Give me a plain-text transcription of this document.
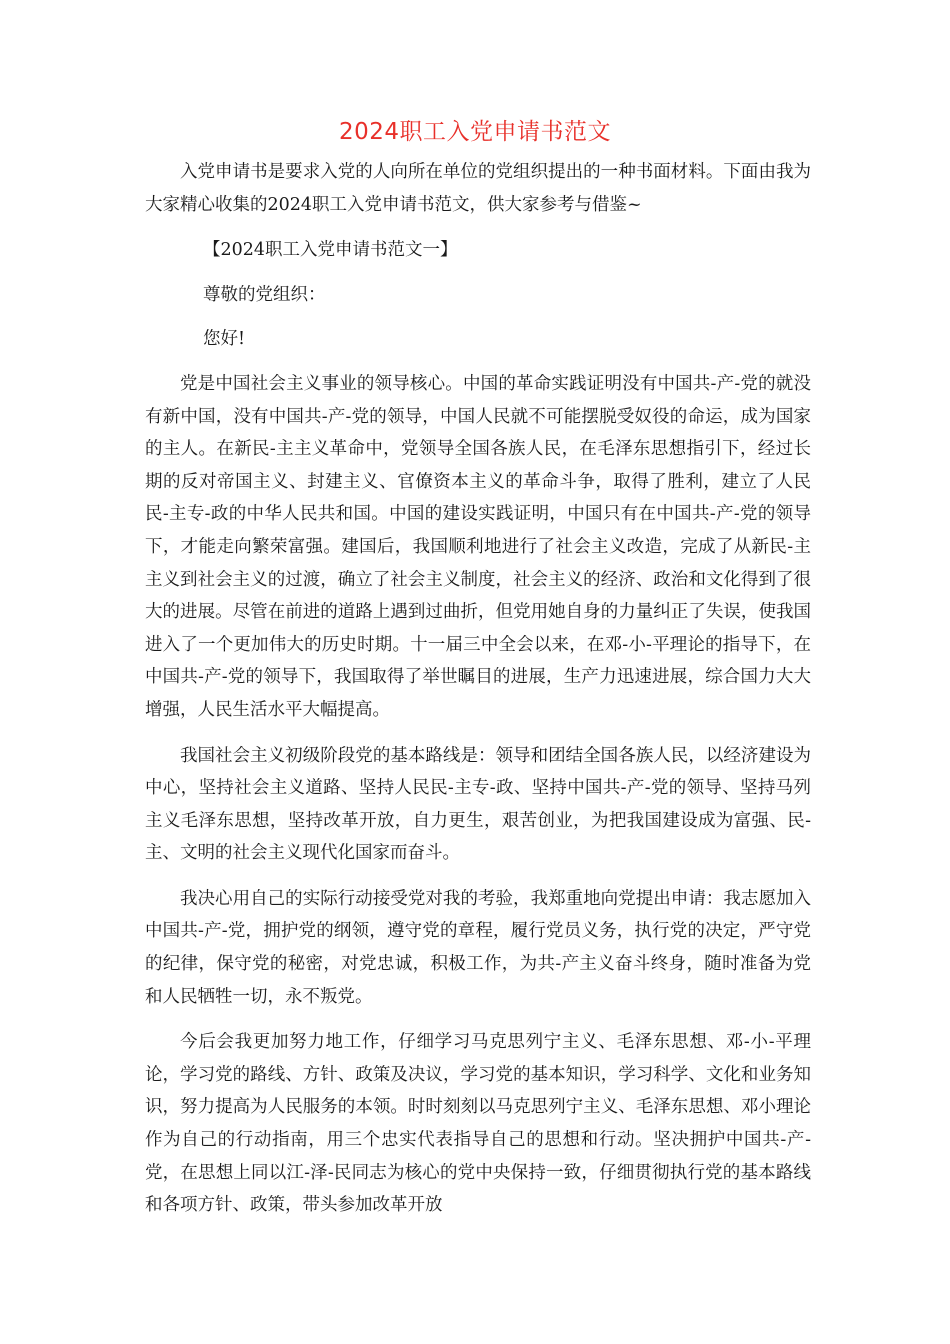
2024职工入党申请书范文

入党申请书是要求入党的人向所在单位的党组织提出的一种书面材料。下面由我为大家精心收集的2024职工入党申请书范文，供大家参考与借鉴~

【2024职工入党申请书范文一】

尊敬的党组织：

您好!

党是中国社会主义事业的领导核心。中国的革命实践证明没有中国共-产-党的就没有新中国，没有中国共-产-党的领导，中国人民就不可能摆脱受奴役的命运，成为国家的主人。在新民-主主义革命中，党领导全国各族人民，在毛泽东思想指引下，经过长期的反对帝国主义、封建主义、官僚资本主义的革命斗争，取得了胜利，建立了人民民-主专-政的中华人民共和国。中国的建设实践证明，中国只有在中国共-产-党的领导下，才能走向繁荣富强。建国后，我国顺利地进行了社会主义改造，完成了从新民-主主义到社会主义的过渡，确立了社会主义制度，社会主义的经济、政治和文化得到了很大的进展。尽管在前进的道路上遇到过曲折，但党用她自身的力量纠正了失误，使我国进入了一个更加伟大的历史时期。十一届三中全会以来，在邓-小-平理论的指导下，在中国共-产-党的领导下，我国取得了举世瞩目的进展，生产力迅速进展，综合国力大大增强，人民生活水平大幅提高。

我国社会主义初级阶段党的基本路线是：领导和团结全国各族人民，以经济建设为中心，坚持社会主义道路、坚持人民民-主专-政、坚持中国共-产-党的领导、坚持马列主义毛泽东思想，坚持改革开放，自力更生，艰苦创业，为把我国建设成为富强、民-主、文明的社会主义现代化国家而奋斗。

我决心用自己的实际行动接受党对我的考验，我郑重地向党提出申请：我志愿加入中国共-产-党，拥护党的纲领，遵守党的章程，履行党员义务，执行党的决定，严守党的纪律，保守党的秘密，对党忠诚，积极工作，为共-产主义奋斗终身，随时准备为党和人民牺牲一切，永不叛党。

今后会我更加努力地工作，仔细学习马克思列宁主义、毛泽东思想、邓-小-平理论，学习党的路线、方针、政策及决议，学习党的基本知识，学习科学、文化和业务知识，努力提高为人民服务的本领。时时刻刻以马克思列宁主义、毛泽东思想、邓小理论作为自己的行动指南，用三个忠实代表指导自己的思想和行动。坚决拥护中国共-产-党，在思想上同以江-泽-民同志为核心的党中央保持一致，仔细贯彻执行党的基本路线和各项方针、政策，带头参加改革开放
